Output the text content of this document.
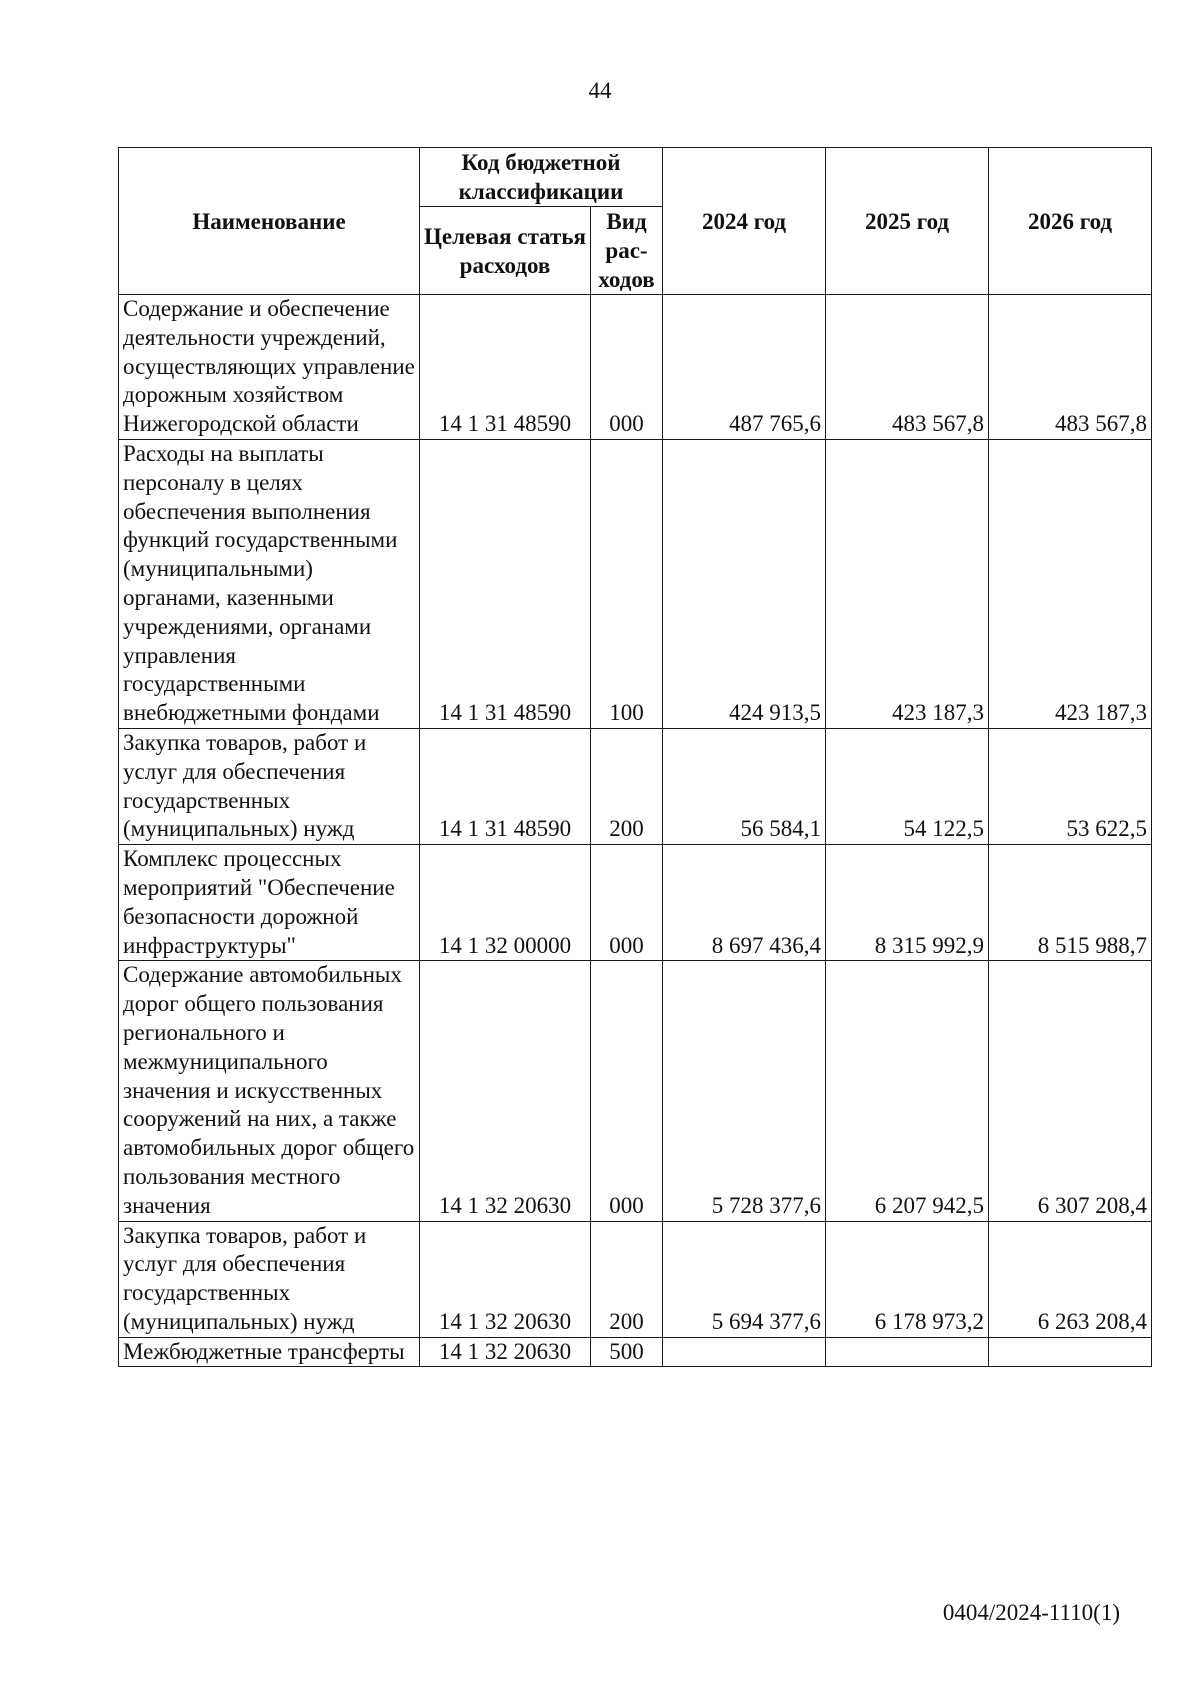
44
Наименование	Код бюджетной классификации		2024 год	2025 год	2026 год
	Целевая статья расходов	Вид рас-ходов			
Содержание и обеспечение деятельности учреждений, осуществляющих управление дорожным хозяйством Нижегородской области	14 1 31 48590	000	487 765,6	483 567,8	483 567,8
Расходы на выплаты персоналу в целях обеспечения выполнения функций государственными (муниципальными) органами, казенными учреждениями, органами управления государственными внебюджетными фондами	14 1 31 48590	100	424 913,5	423 187,3	423 187,3
Закупка товаров, работ и услуг для обеспечения государственных (муниципальных) нужд	14 1 31 48590	200	56 584,1	54 122,5	53 622,5
Комплекс процессных мероприятий "Обеспечение безопасности дорожной инфраструктуры"	14 1 32 00000	000	8 697 436,4	8 315 992,9	8 515 988,7
Содержание автомобильных дорог общего пользования регионального и межмуниципального значения и искусственных сооружений на них, а также автомобильных дорог общего пользования местного значения	14 1 32 20630	000	5 728 377,6	6 207 942,5	6 307 208,4
Закупка товаров, работ и услуг для обеспечения государственных (муниципальных) нужд	14 1 32 20630	200	5 694 377,6	6 178 973,2	6 263 208,4
Межбюджетные трансферты	14 1 32 20630	500			
0404/2024-1110(1)
